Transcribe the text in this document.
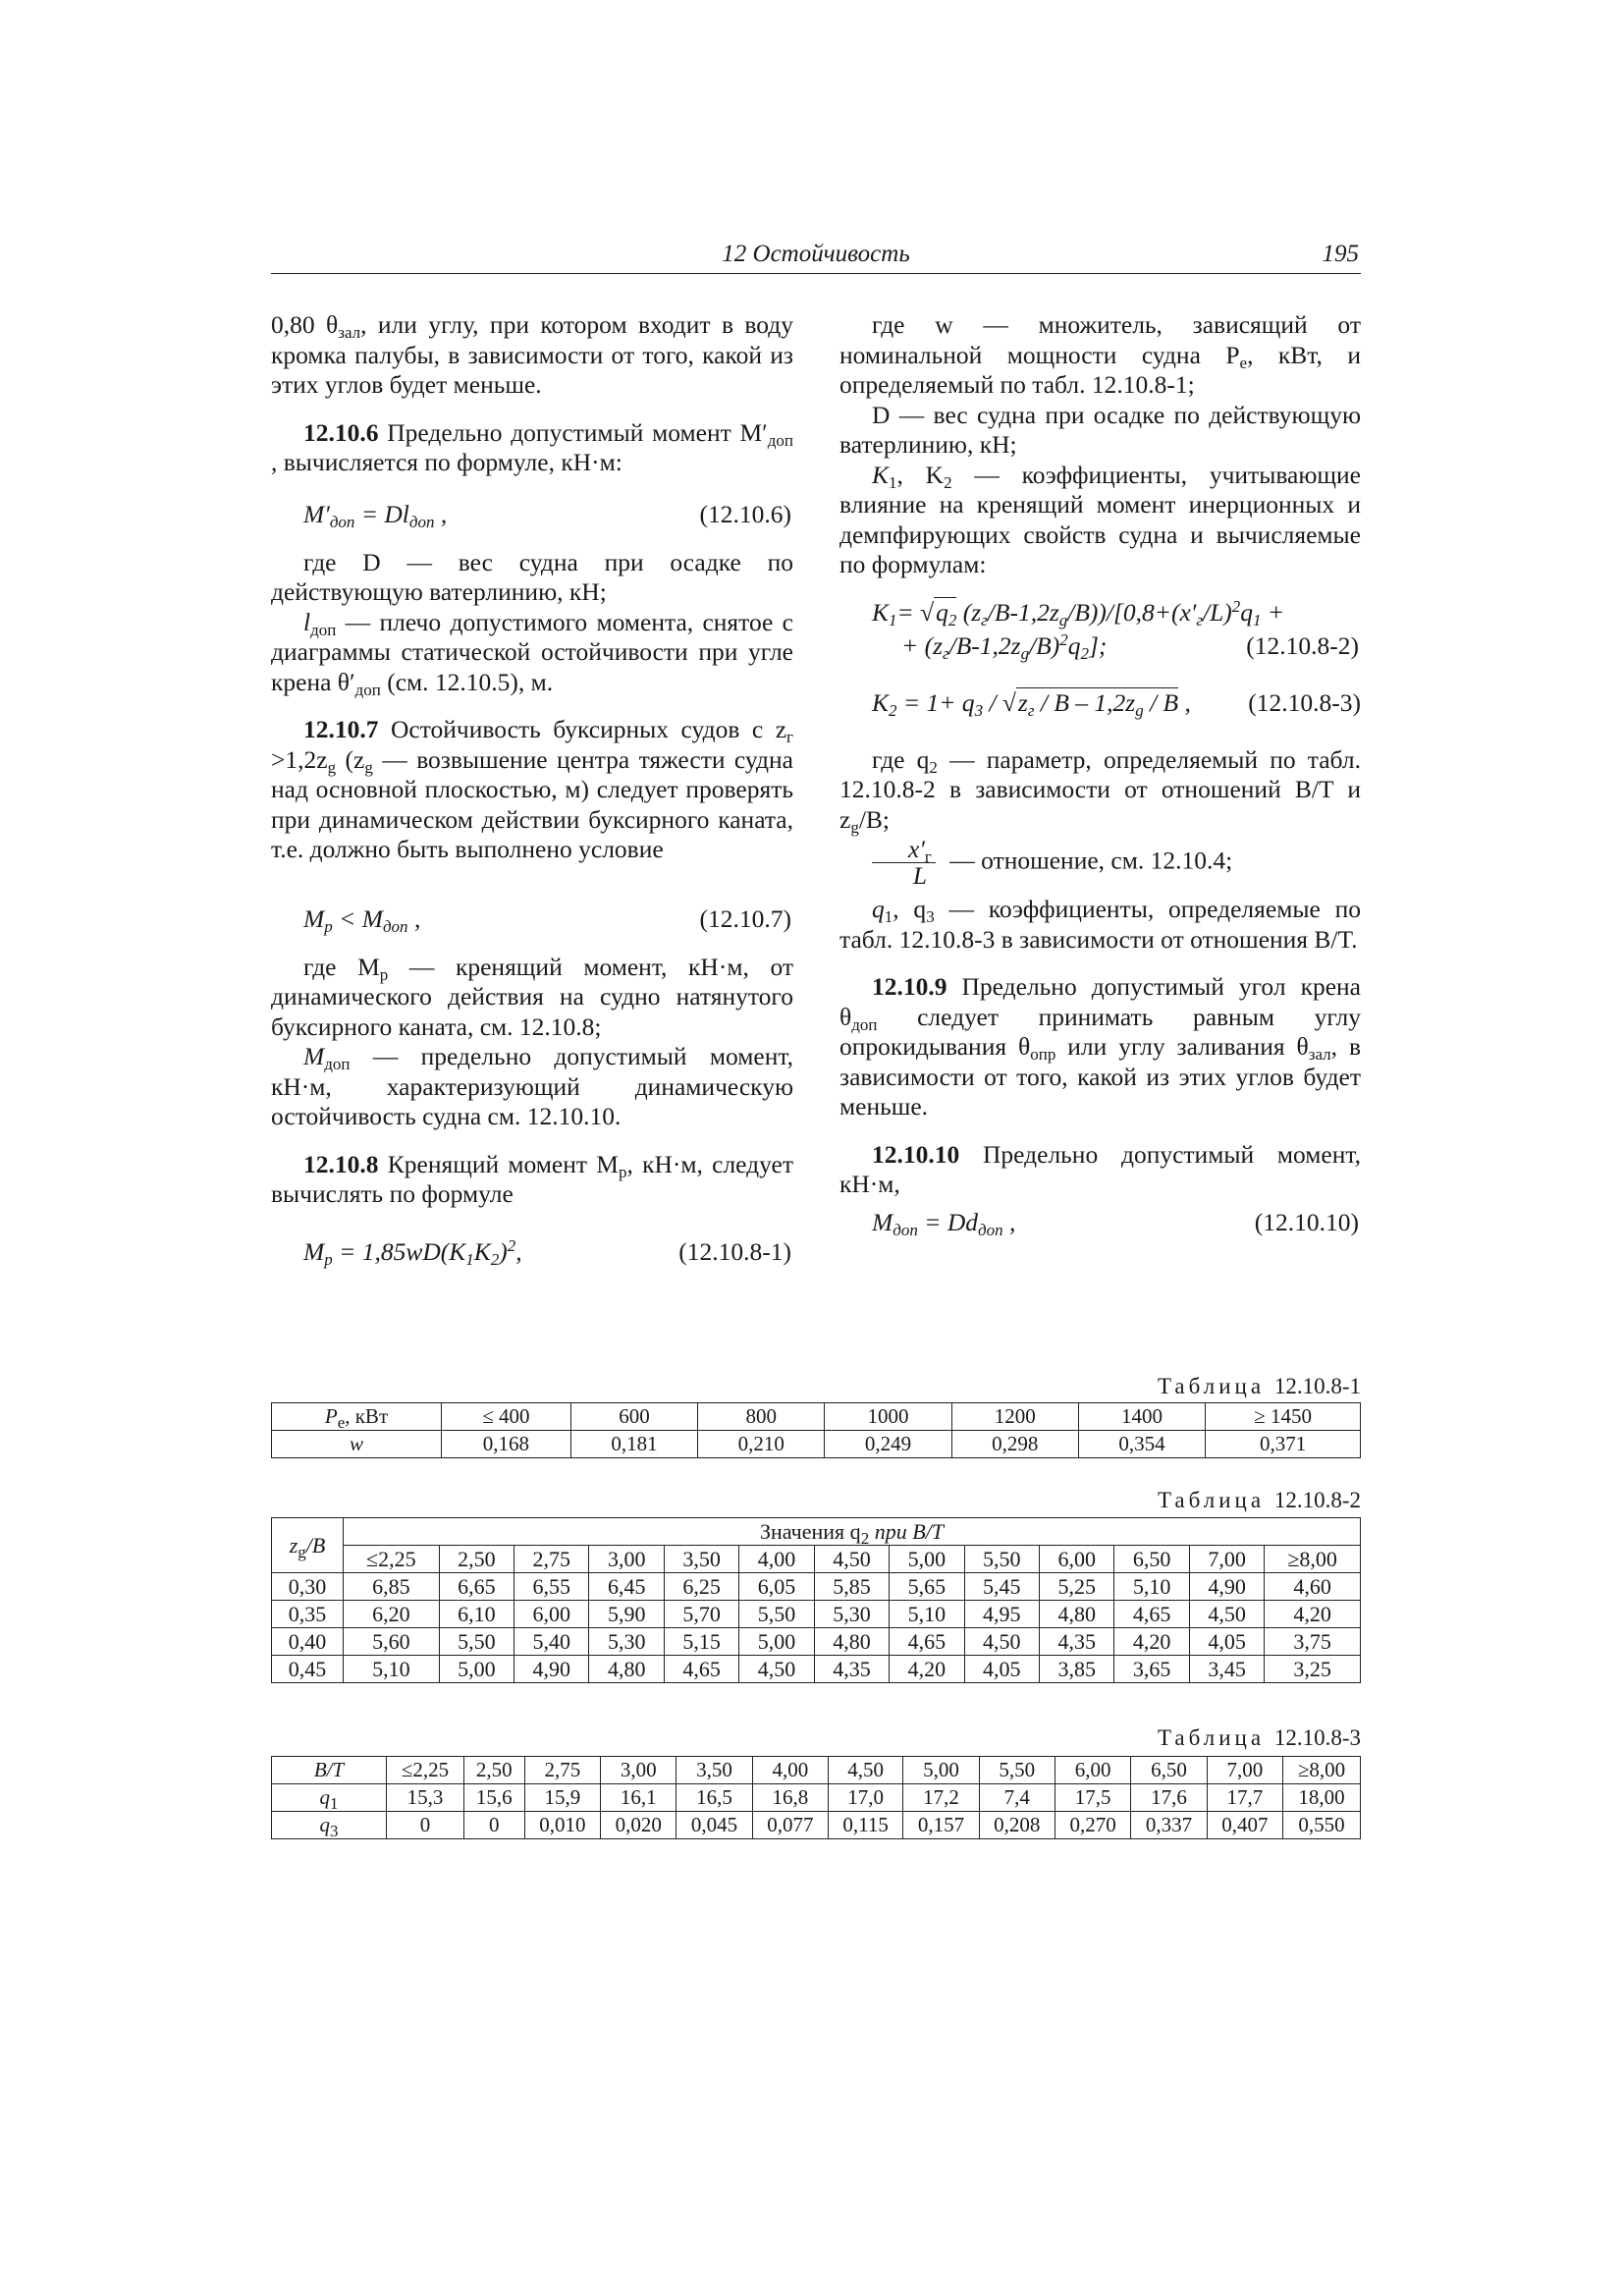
12 Остойчивость	195

0,80 $\theta_{зал}$, или углу, при котором входит в воду кромка палубы, в зависимости от того, какой из этих углов будет меньше.

12.10.6 Предельно допустимый момент $M'_{доп}$ , вычисляется по формуле, кН·м:

$M'_{доп} = Dl_{доп}$ ,	(12.10.6)

где D — вес судна при осадке по действующую ватерлинию, кН;

$l_{доп}$ — плечо допустимого момента, снятое с диаграммы статической остойчивости при угле крена $\theta'_{доп}$ (см. 12.10.5), м.

12.10.7 Остойчивость буксирных судов с $z_г >1,2z_g$ ($z_g$ — возвышение центра тяжести судна над основной плоскостью, м) следует проверять при динамическом действии буксирного каната, т.е. должно быть выполнено условие

$M_р < M_{доп}$ ,	(12.10.7)

где $M_р$ — кренящий момент, кН·м, от динамического действия на судно натянутого буксирного каната, см. 12.10.8;

$M_{доп}$ — предельно допустимый момент, кН·м, характеризующий динамическую остойчивость судна см. 12.10.10.

12.10.8 Кренящий момент $M_р$, кН·м, следует вычислять по формуле

$M_р = 1,85wD(K_1K_2)^2$,	(12.10.8-1)

где w — множитель, зависящий от номинальной мощности судна $P_e$, кВт, и определяемый по табл. 12.10.8-1;

D — вес судна при осадке по действующую ватерлинию, кН;

$K_1$, $K_2$ — коэффициенты, учитывающие влияние на кренящий момент инерционных и демпфирующих свойств судна и вычисляемые по формулам:

$K_1= √q_2$ $(z_г/B-1,2z_g/B))/[0,8+(x'_г/L)^2q_1$ +
+ $(z_г/B-1,2z_g/B)^2q_2$];	(12.10.8-2)
$K_2 = 1+ q_3 / √z_г / B - 1,2z_g / B$ , (12.10.8-3)

где $q_2$ — параметр, определяемый по табл. 12.10.8-2 в зависимости от отношений B/T и $z_g/B$;

$\frac{x'_г}{L}$ — отношение, см. 12.10.4;

$q_1$, $q_3$ — коэффициенты, определяемые по табл. 12.10.8-3 в зависимости от отношения B/T.

12.10.9 Предельно допустимый угол крена $\theta_{доп}$ следует принимать равным углу опрокидывания $\theta_{опр}$ или углу заливания $\theta_{зал}$, в зависимости от того, какой из этих углов будет меньше.

12.10.10 Предельно допустимый момент, кН·м,

$M_{доп} = Dd_{доп}$ ,	(12.10.10)
Таблица 12.10.8-1
$P_e$, кВт	≤ 400	600	800	1000	1200	1400	≥ 1450
w	0,168	0,181	0,210	0,249	0,298	0,354	0,371
Таблица 12.10.8-2
$z_g/B$	Значения $q_2$ при B/T												
	≤2,25	2,50	2,75	3,00	3,50	4,00	4,50	5,00	5,50	6,00	6,50	7,00	≥8,00
0,30	6,85	6,65	6,55	6,45	6,25	6,05	5,85	5,65	5,45	5,25	5,10	4,90	4,60
0,35	6,20	6,10	6,00	5,90	5,70	5,50	5,30	5,10	4,95	4,80	4,65	4,50	4,20
0,40	5,60	5,50	5,40	5,30	5,15	5,00	4,80	4,65	4,50	4,35	4,20	4,05	3,75
0,45	5,10	5,00	4,90	4,80	4,65	4,50	4,35	4,20	4,05	3,85	3,65	3,45	3,25
Таблица 12.10.8-3
B/T	≤2,25	2,50	2,75	3,00	3,50	4,00	4,50	5,00	5,50	6,00	6,50	7,00	≥8,00
$q_1$	15,3	15,6	15,9	16,1	16,5	16,8	17,0	17,2	7,4	17,5	17,6	17,7	18,00
$q_3$	0	0	0,010	0,020	0,045	0,077	0,115	0,157	0,208	0,270	0,337	0,407	0,550
